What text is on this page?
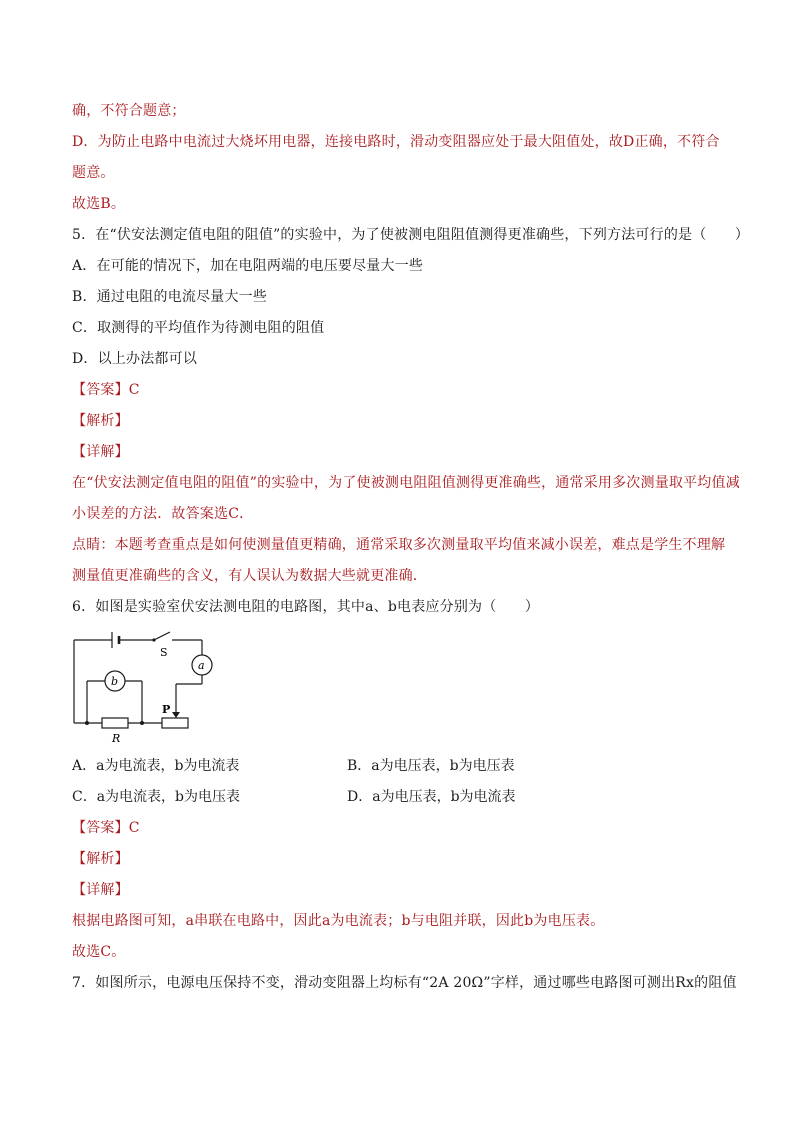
确，不符合题意；
D．为防止电路中电流过大烧坏用电器，连接电路时，滑动变阻器应处于最大阻值处，故D正确，不符合
题意。
故选B。
5．在“伏安法测定值电阻的阻值”的实验中，为了使被测电阻阻值测得更准确些，下列方法可行的是（　　）
A．在可能的情况下，加在电阻两端的电压要尽量大一些
B．通过电阻的电流尽量大一些
C．取测得的平均值作为待测电阻的阻值
D．以上办法都可以
【答案】C
【解析】
【详解】
在“伏安法测定值电阻的阻值”的实验中，为了使被测电阻阻值测得更准确些，通常采用多次测量取平均值减
小误差的方法．故答案选C．
点睛：本题考查重点是如何使测量值更精确，通常采取多次测量取平均值来减小误差，难点是学生不理解
测量值更准确些的含义，有人误认为数据大些就更准确．
6．如图是实验室伏安法测电阻的电路图，其中a、b电表应分别为（　　）
S
a
b
P
R
A．a为电流表，b为电流表	B．a为电压表，b为电压表
C．a为电流表，b为电压表	D．a为电压表，b为电流表
【答案】C
【解析】
【详解】
根据电路图可知，a串联在电路中，因此a为电流表；b与电阻并联，因此b为电压表。
故选C。
7．如图所示，电源电压保持不变，滑动变阻器上均标有“2A 20Ω”字样，通过哪些电路图可测出Rx的阻值
